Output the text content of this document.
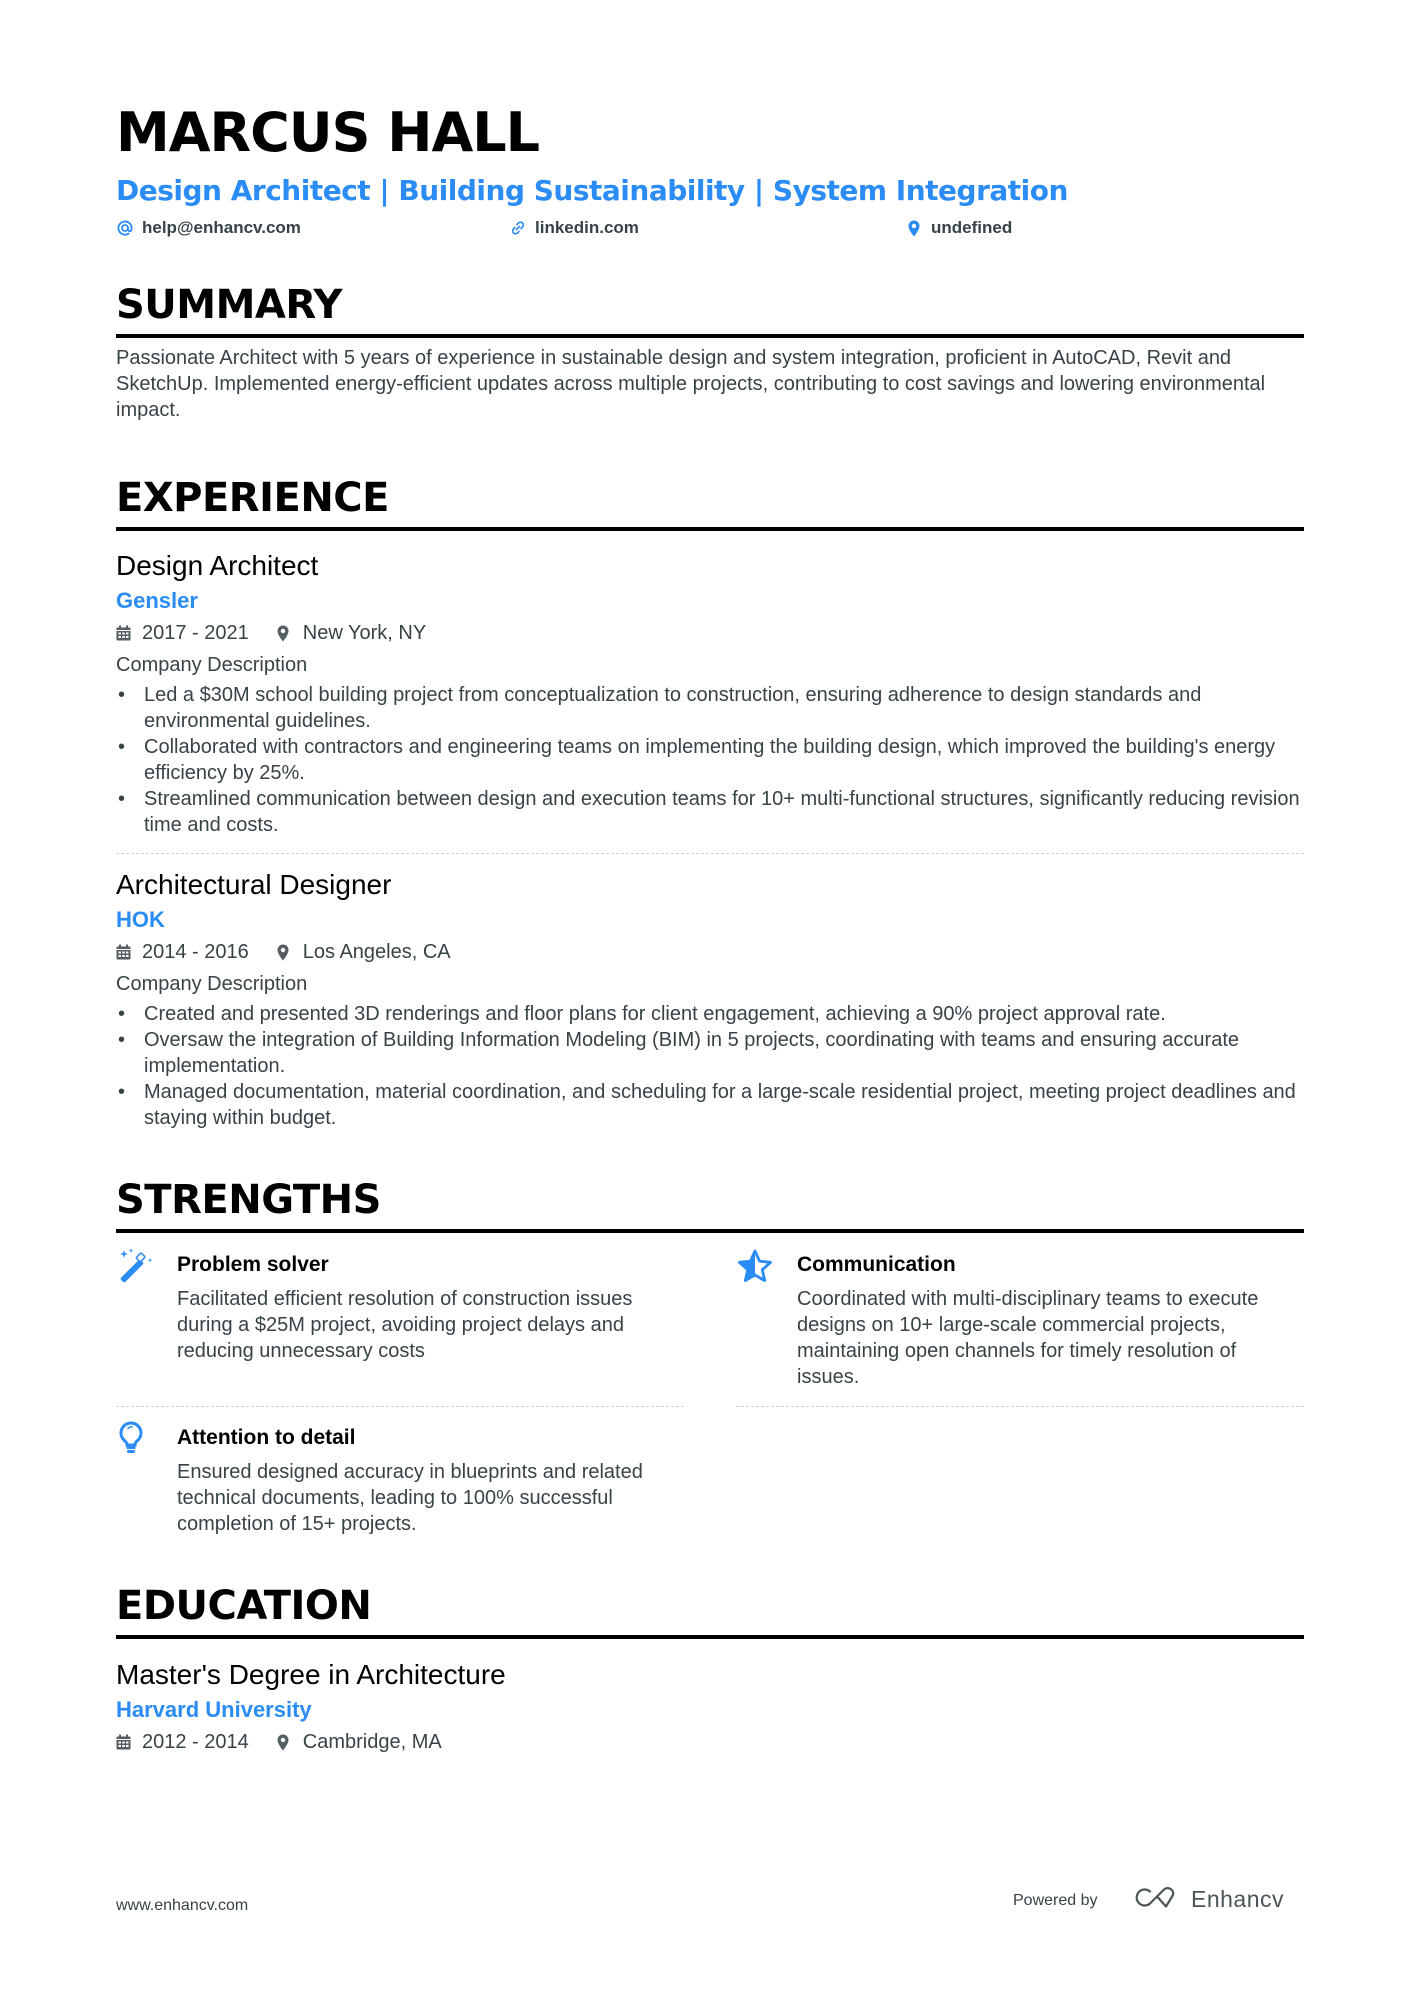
MARCUS HALL
Design Architect | Building Sustainability | System Integration
help@enhancv.com	linkedin.com	undefined
SUMMARY
Passionate Architect with 5 years of experience in sustainable design and system integration, proficient in AutoCAD, Revit and SketchUp. Implemented energy-efficient updates across multiple projects, contributing to cost savings and lowering environmental impact.
EXPERIENCE
Design Architect
Gensler
2017 - 2021	New York, NY
Company Description
• Led a $30M school building project from conceptualization to construction, ensuring adherence to design standards and environmental guidelines.
• Collaborated with contractors and engineering teams on implementing the building design, which improved the building's energy efficiency by 25%.
• Streamlined communication between design and execution teams for 10+ multi-functional structures, significantly reducing revision time and costs.
Architectural Designer
HOK
2014 - 2016	Los Angeles, CA
Company Description
• Created and presented 3D renderings and floor plans for client engagement, achieving a 90% project approval rate.
• Oversaw the integration of Building Information Modeling (BIM) in 5 projects, coordinating with teams and ensuring accurate implementation.
• Managed documentation, material coordination, and scheduling for a large-scale residential project, meeting project deadlines and staying within budget.
STRENGTHS
Problem solver
Facilitated efficient resolution of construction issues during a $25M project, avoiding project delays and reducing unnecessary costs
Communication
Coordinated with multi-disciplinary teams to execute designs on 10+ large-scale commercial projects, maintaining open channels for timely resolution of issues.
Attention to detail
Ensured designed accuracy in blueprints and related technical documents, leading to 100% successful completion of 15+ projects.
EDUCATION
Master's Degree in Architecture
Harvard University
2012 - 2014	Cambridge, MA
www.enhancv.com	Powered by	Enhancv
